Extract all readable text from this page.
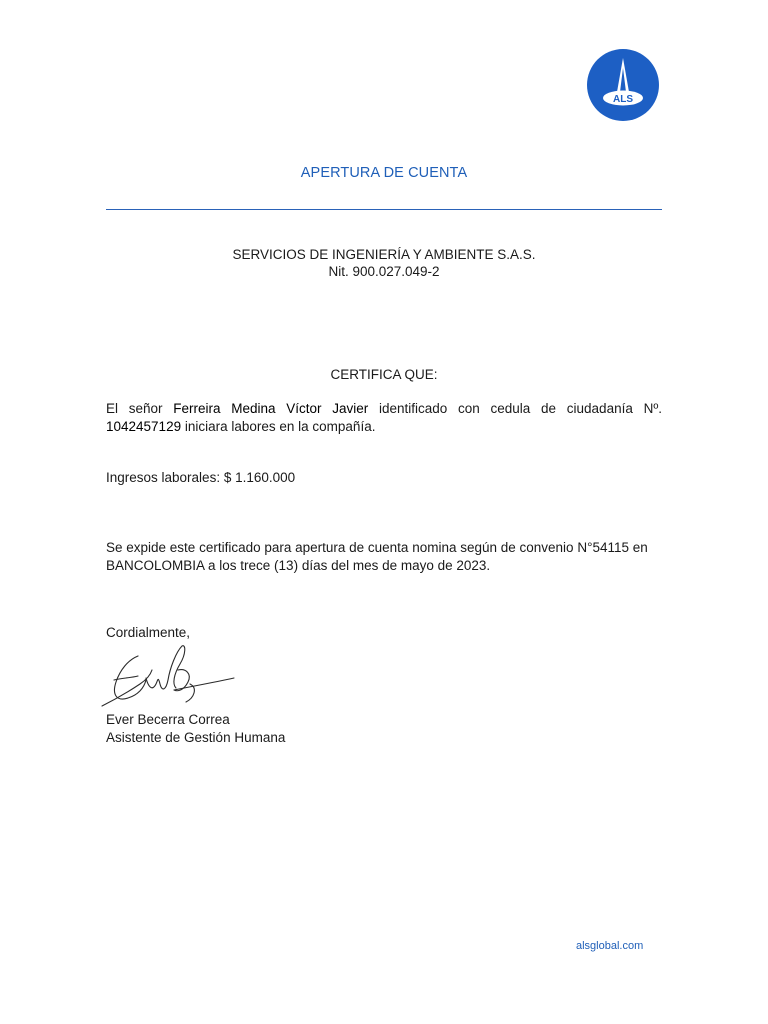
ALS
APERTURA DE CUENTA
SERVICIOS DE INGENIERÍA Y AMBIENTE S.A.S.
Nit. 900.027.049-2
CERTIFICA QUE:
El señor Ferreira Medina Víctor Javier identificado con cedula de ciudadanía Nº. 1042457129 iniciara labores en la compañía.
Ingresos laborales: $ 1.160.000
Se expide este certificado para apertura de cuenta nomina según de convenio N°54115 en BANCOLOMBIA a los trece (13) días del mes de mayo de 2023.
Cordialmente,
Ever Becerra Correa
Asistente de Gestión Humana
alsglobal.com
